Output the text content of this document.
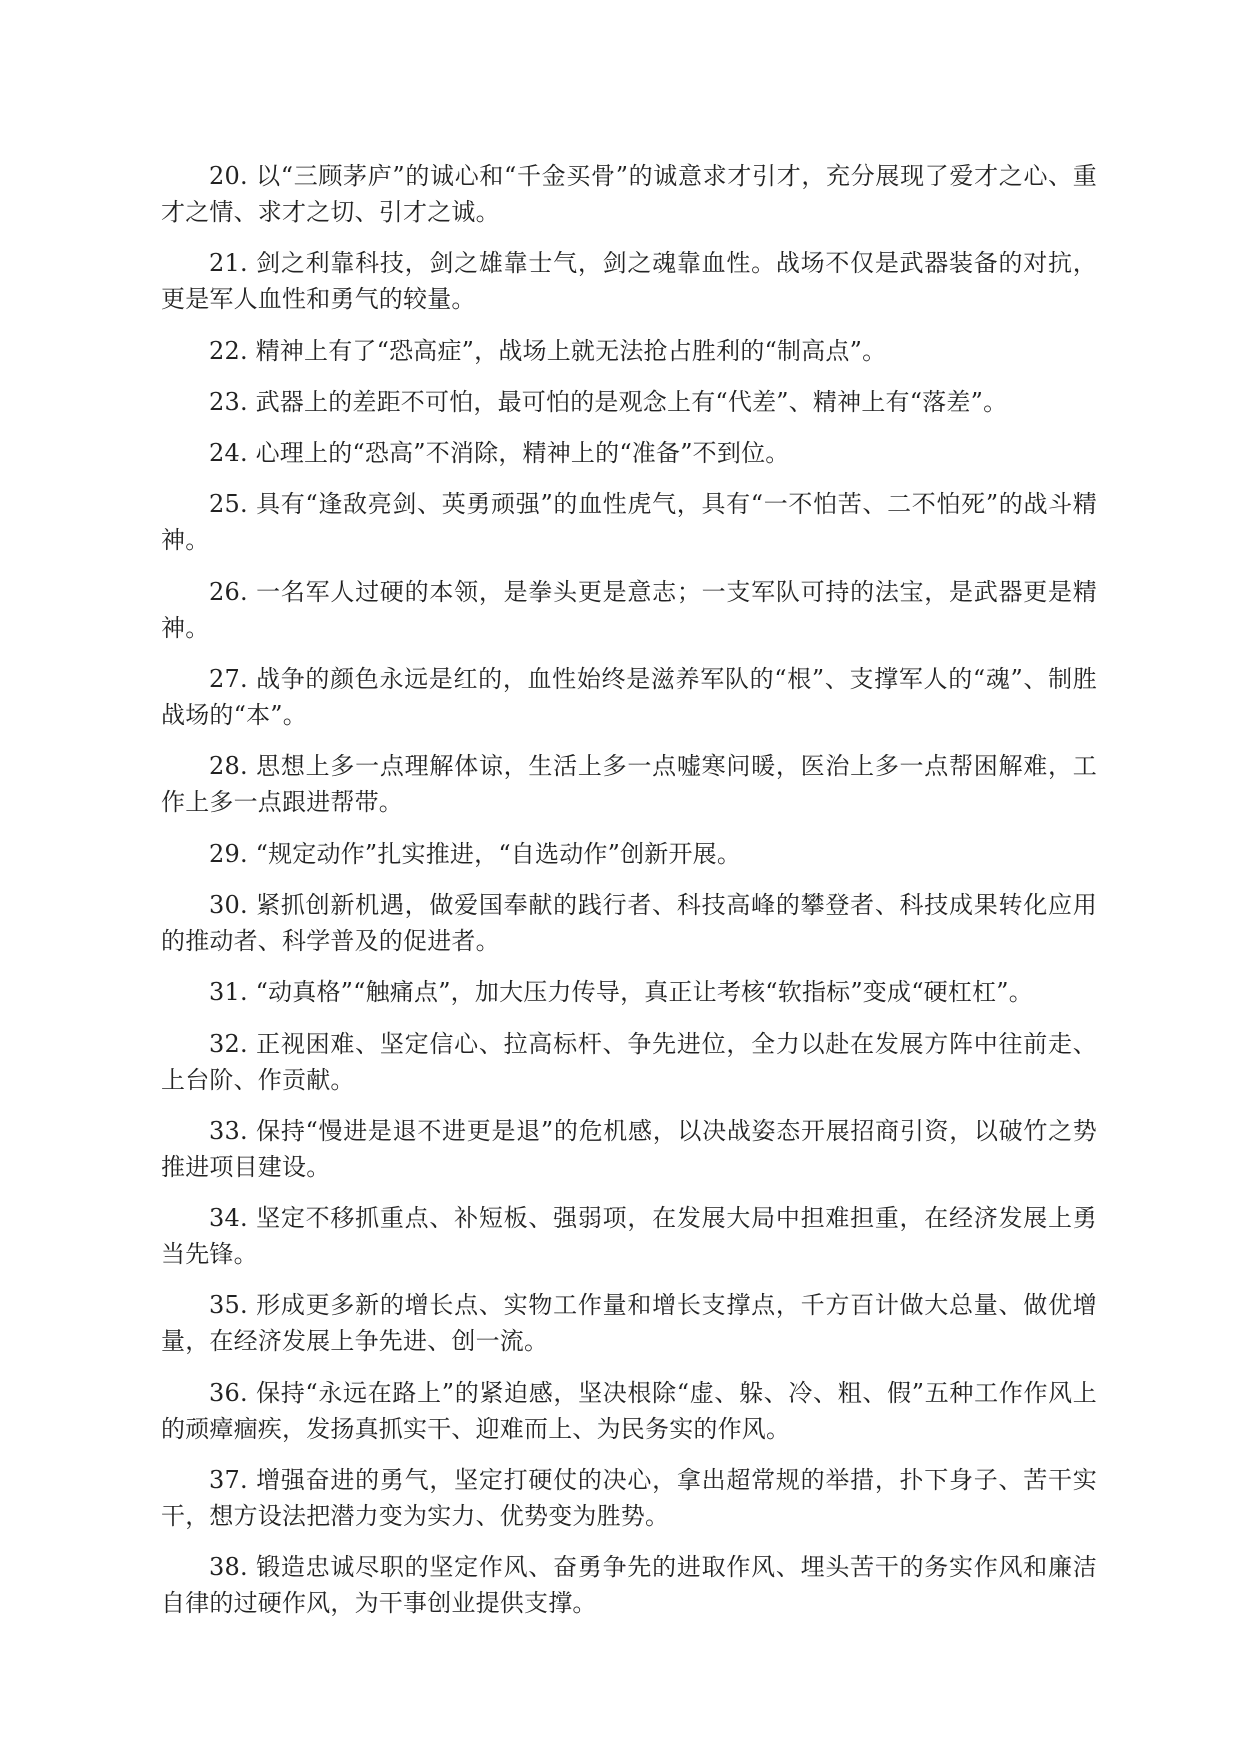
20. 以“三顾茅庐”的诚心和“千金买骨”的诚意求才引才，充分展现了爱才之心、重才之情、求才之切、引才之诚。

21. 剑之利靠科技，剑之雄靠士气，剑之魂靠血性。战场不仅是武器装备的对抗，更是军人血性和勇气的较量。

22. 精神上有了“恐高症”，战场上就无法抢占胜利的“制高点”。

23. 武器上的差距不可怕，最可怕的是观念上有“代差”、精神上有“落差”。

24. 心理上的“恐高”不消除，精神上的“准备”不到位。

25. 具有“逢敌亮剑、英勇顽强”的血性虎气，具有“一不怕苦、二不怕死”的战斗精神。

26. 一名军人过硬的本领，是拳头更是意志；一支军队可持的法宝，是武器更是精神。

27. 战争的颜色永远是红的，血性始终是滋养军队的“根”、支撑军人的“魂”、制胜战场的“本”。

28. 思想上多一点理解体谅，生活上多一点嘘寒问暖，医治上多一点帮困解难，工作上多一点跟进帮带。

29. “规定动作”扎实推进，“自选动作”创新开展。

30. 紧抓创新机遇，做爱国奉献的践行者、科技高峰的攀登者、科技成果转化应用的推动者、科学普及的促进者。

31. “动真格”“触痛点”，加大压力传导，真正让考核“软指标”变成“硬杠杠”。

32. 正视困难、坚定信心、拉高标杆、争先进位，全力以赴在发展方阵中往前走、上台阶、作贡献。

33. 保持“慢进是退不进更是退”的危机感，以决战姿态开展招商引资，以破竹之势推进项目建设。

34. 坚定不移抓重点、补短板、强弱项，在发展大局中担难担重，在经济发展上勇当先锋。

35. 形成更多新的增长点、实物工作量和增长支撑点，千方百计做大总量、做优增量，在经济发展上争先进、创一流。

36. 保持“永远在路上”的紧迫感，坚决根除“虚、躲、冷、粗、假”五种工作作风上的顽瘴痼疾，发扬真抓实干、迎难而上、为民务实的作风。

37. 增强奋进的勇气，坚定打硬仗的决心，拿出超常规的举措，扑下身子、苦干实干，想方设法把潜力变为实力、优势变为胜势。

38. 锻造忠诚尽职的坚定作风、奋勇争先的进取作风、埋头苦干的务实作风和廉洁自律的过硬作风，为干事创业提供支撑。
